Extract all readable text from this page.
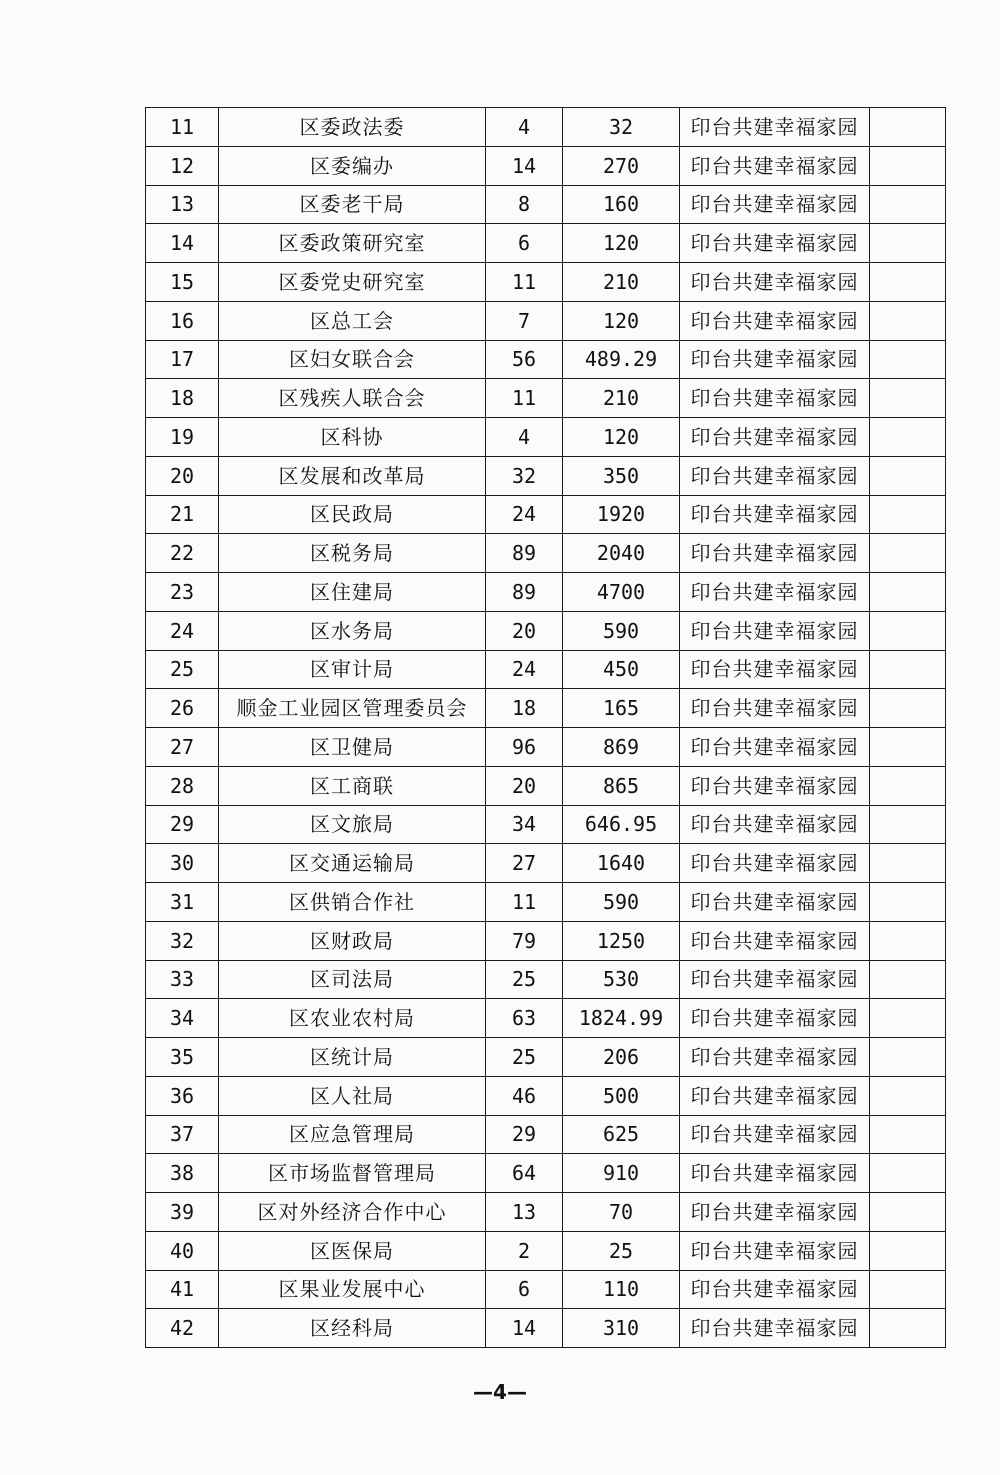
11	区委政法委	4	32	印台共建幸福家园	
12	区委编办	14	270	印台共建幸福家园	
13	区委老干局	8	160	印台共建幸福家园	
14	区委政策研究室	6	120	印台共建幸福家园	
15	区委党史研究室	11	210	印台共建幸福家园	
16	区总工会	7	120	印台共建幸福家园	
17	区妇女联合会	56	489.29	印台共建幸福家园	
18	区残疾人联合会	11	210	印台共建幸福家园	
19	区科协	4	120	印台共建幸福家园	
20	区发展和改革局	32	350	印台共建幸福家园	
21	区民政局	24	1920	印台共建幸福家园	
22	区税务局	89	2040	印台共建幸福家园	
23	区住建局	89	4700	印台共建幸福家园	
24	区水务局	20	590	印台共建幸福家园	
25	区审计局	24	450	印台共建幸福家园	
26	顺金工业园区管理委员会	18	165	印台共建幸福家园	
27	区卫健局	96	869	印台共建幸福家园	
28	区工商联	20	865	印台共建幸福家园	
29	区文旅局	34	646.95	印台共建幸福家园	
30	区交通运输局	27	1640	印台共建幸福家园	
31	区供销合作社	11	590	印台共建幸福家园	
32	区财政局	79	1250	印台共建幸福家园	
33	区司法局	25	530	印台共建幸福家园	
34	区农业农村局	63	1824.99	印台共建幸福家园	
35	区统计局	25	206	印台共建幸福家园	
36	区人社局	46	500	印台共建幸福家园	
37	区应急管理局	29	625	印台共建幸福家园	
38	区市场监督管理局	64	910	印台共建幸福家园	
39	区对外经济合作中心	13	70	印台共建幸福家园	
40	区医保局	2	25	印台共建幸福家园	
41	区果业发展中心	6	110	印台共建幸福家园	
42	区经科局	14	310	印台共建幸福家园	
—4—
